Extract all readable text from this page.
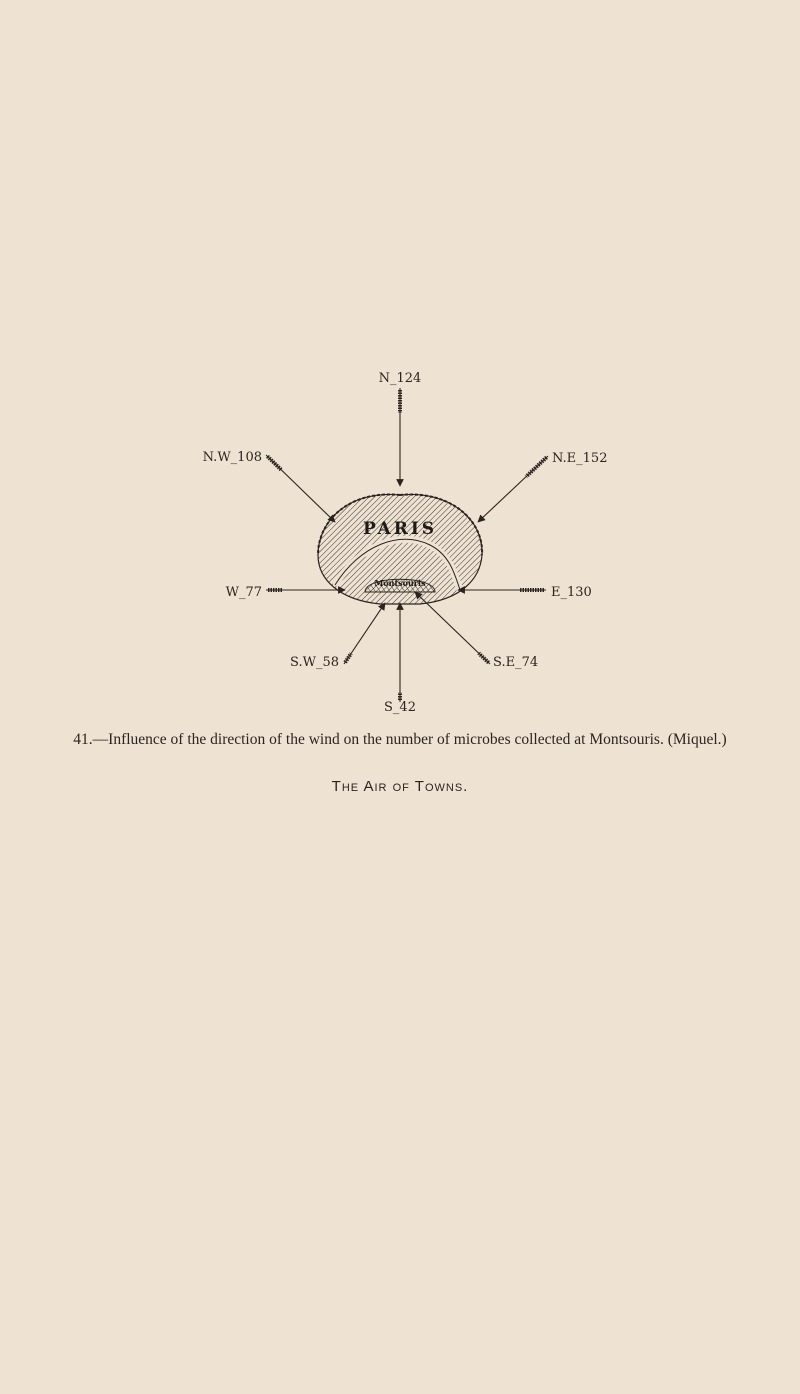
PARIS
Montsouris
N_124
N.E_152
E_130
S.E_74
S_42
S.W_58
W_77
N.W_108
41.—Influence of the direction of the wind on the number of microbes collected at Montsouris. (Miquel.)
The Air of Towns.
